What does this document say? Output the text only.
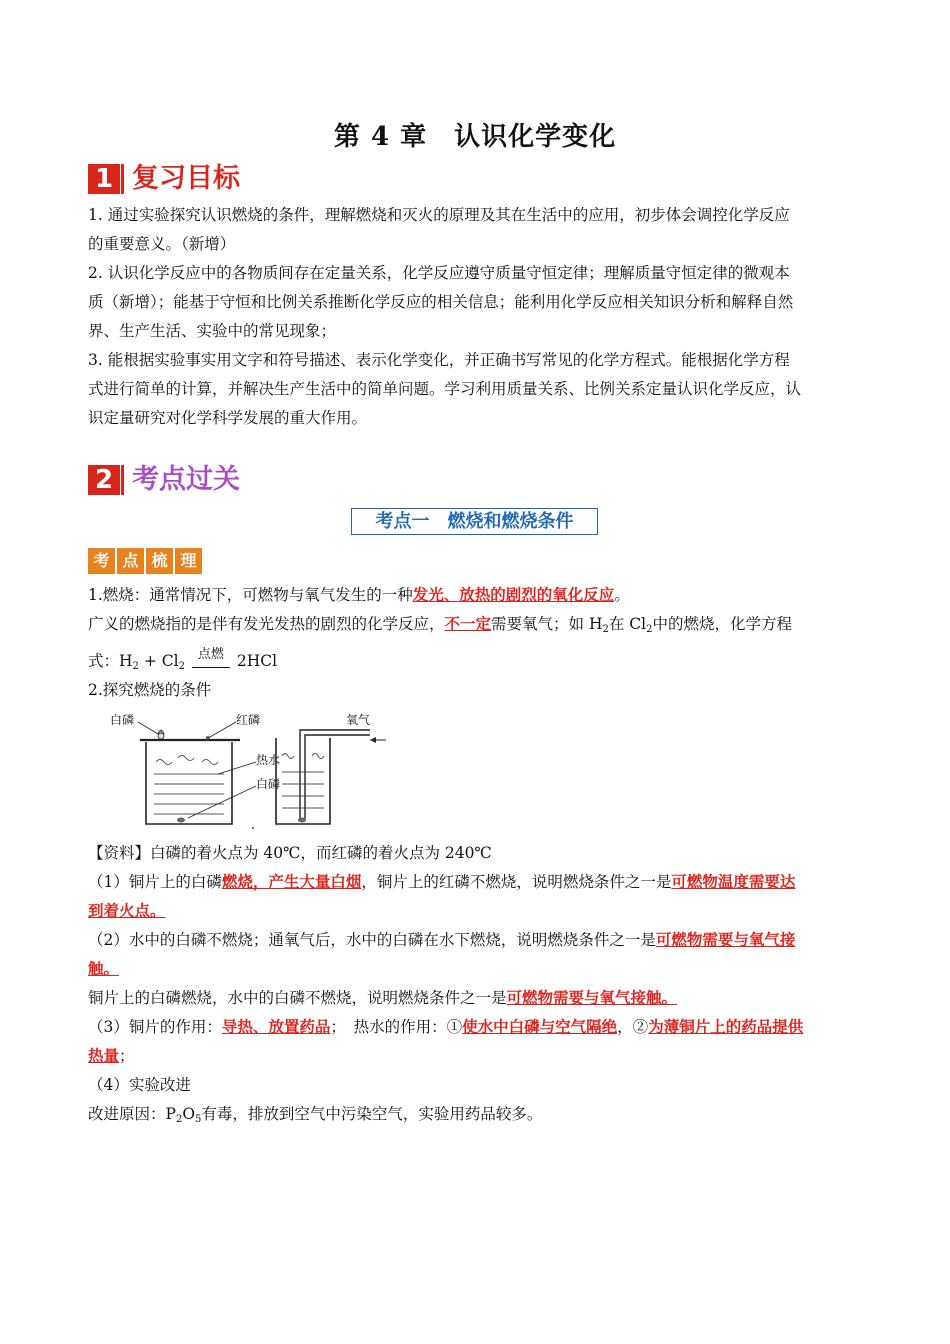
第 4 章　认识化学变化
1 复习目标
1. 通过实验探究认识燃烧的条件，理解燃烧和灭火的原理及其在生活中的应用，初步体会调控化学反应
的重要意义。（新增）
2. 认识化学反应中的各物质间存在定量关系，化学反应遵守质量守恒定律；理解质量守恒定律的微观本
质（新增）；能基于守恒和比例关系推断化学反应的相关信息；能利用化学反应相关知识分析和解释自然
界、生产生活、实验中的常见现象；
3. 能根据实验事实用文字和符号描述、表示化学变化，并正确书写常见的化学方程式。能根据化学方程
式进行简单的计算，并解决生产生活中的简单问题。学习利用质量关系、比例关系定量认识化学反应，认
识定量研究对化学科学发展的重大作用。
2 考点过关
考点一　燃烧和燃烧条件
考 点 梳 理
1.燃烧：通常情况下，可燃物与氧气发生的一种发光、放热的剧烈的氧化反应。
广义的燃烧指的是伴有发光发热的剧烈的化学反应，不一定需要氧气；如 $H_2$在 $Cl_2$中的燃烧，化学方程
式：$H_2 + Cl_2$ 点燃 2HCl
2.探究燃烧的条件
白磷	红磷
热水
白磷
氧气
【资料】白磷的着火点为 40℃，而红磷的着火点为 240℃
（1）铜片上的白磷燃烧，产生大量白烟，铜片上的红磷不燃烧，说明燃烧条件之一是可燃物温度需要达
到着火点。
（2）水中的白磷不燃烧；通氧气后，水中的白磷在水下燃烧，说明燃烧条件之一是可燃物需要与氧气接
触。
铜片上的白磷燃烧，水中的白磷不燃烧，说明燃烧条件之一是可燃物需要与氧气接触。
（3）铜片的作用：导热、放置药品；　热水的作用：①使水中白磷与空气隔绝，②为薄铜片上的药品提供
热量；
（4）实验改进
改进原因：$P_2O_5$有毒，排放到空气中污染空气，实验用药品较多。
